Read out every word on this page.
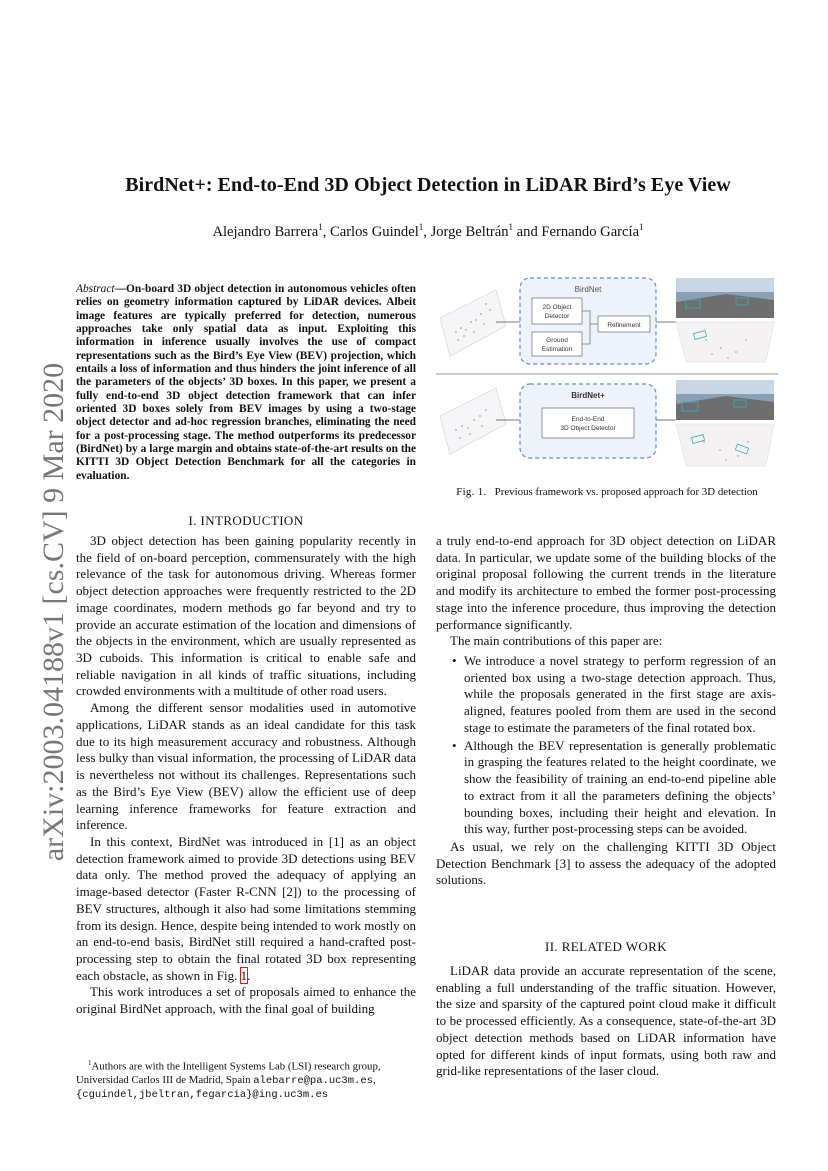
arXiv:2003.04188v1 [cs.CV] 9 Mar 2020
BirdNet+: End-to-End 3D Object Detection in LiDAR Bird’s Eye View
Alejandro Barrera$^1$, Carlos Guindel$^1$, Jorge Beltrán$^1$ and Fernando García$^1$
Abstract—On-board 3D object detection in autonomous vehicles often relies on geometry information captured by LiDAR devices. Albeit image features are typically preferred for detection, numerous approaches take only spatial data as input. Exploiting this information in inference usually involves the use of compact representations such as the Bird’s Eye View (BEV) projection, which entails a loss of information and thus hinders the joint inference of all the parameters of the objects’ 3D boxes. In this paper, we present a fully end-to-end 3D object detection framework that can infer oriented 3D boxes solely from BEV images by using a two-stage object detector and ad-hoc regression branches, eliminating the need for a post-processing stage. The method outperforms its predecessor (BirdNet) by a large margin and obtains state-of-the-art results on the KITTI 3D Object Detection Benchmark for all the categories in evaluation.
BirdNet
2D Object
Detector
Ground
Estimation
Refinement
BirdNet+
End-to-End
3D Object Detector
Fig. 1. Previous framework vs. proposed approach for 3D detection
I. INTRODUCTION

3D object detection has been gaining popularity recently in the field of on-board perception, commensurately with the high relevance of the task for autonomous driving. Whereas former object detection approaches were frequently restricted to the 2D image coordinates, modern methods go far beyond and try to provide an accurate estimation of the location and dimensions of the objects in the environment, which are usually represented as 3D cuboids. This information is critical to enable safe and reliable navigation in all kinds of traffic situations, including crowded environments with a multitude of other road users.

Among the different sensor modalities used in automotive applications, LiDAR stands as an ideal candidate for this task due to its high measurement accuracy and robustness. Although less bulky than visual information, the processing of LiDAR data is nevertheless not without its challenges. Representations such as the Bird’s Eye View (BEV) allow the efficient use of deep learning inference frameworks for feature extraction and inference.

In this context, BirdNet was introduced in [1] as an object detection framework aimed to provide 3D detections using BEV data only. The method proved the adequacy of applying an image-based detector (Faster R-CNN [2]) to the processing of BEV structures, although it also had some limitations stemming from its design. Hence, despite being intended to work mostly on an end-to-end basis, BirdNet still required a hand-crafted post-processing step to obtain the final rotated 3D box representing each obstacle, as shown in Fig. 1.

This work introduces a set of proposals aimed to enhance the original BirdNet approach, with the final goal of building

$^1$Authors are with the Intelligent Systems Lab (LSI) research group, Universidad Carlos III de Madrid, Spain alebarre@pa.uc3m.es, {cguindel,jbeltran,fegarcia}@ing.uc3m.es

a truly end-to-end approach for 3D object detection on LiDAR data. In particular, we update some of the building blocks of the original proposal following the current trends in the literature and modify its architecture to embed the former post-processing stage into the inference procedure, thus improving the detection performance significantly.

The main contributions of this paper are:

• We introduce a novel strategy to perform regression of an oriented box using a two-stage detection approach. Thus, while the proposals generated in the first stage are axis-aligned, features pooled from them are used in the second stage to estimate the parameters of the final rotated box.
• Although the BEV representation is generally problematic in grasping the features related to the height coordinate, we show the feasibility of training an end-to-end pipeline able to extract from it all the parameters defining the objects’ bounding boxes, including their height and elevation. In this way, further post-processing steps can be avoided.

As usual, we rely on the challenging KITTI 3D Object Detection Benchmark [3] to assess the adequacy of the adopted solutions.

II. RELATED WORK

LiDAR data provide an accurate representation of the scene, enabling a full understanding of the traffic situation. However, the size and sparsity of the captured point cloud make it difficult to be processed efficiently. As a consequence, state-of-the-art 3D object detection methods based on LiDAR information have opted for different kinds of input formats, using both raw and grid-like representations of the laser cloud.
